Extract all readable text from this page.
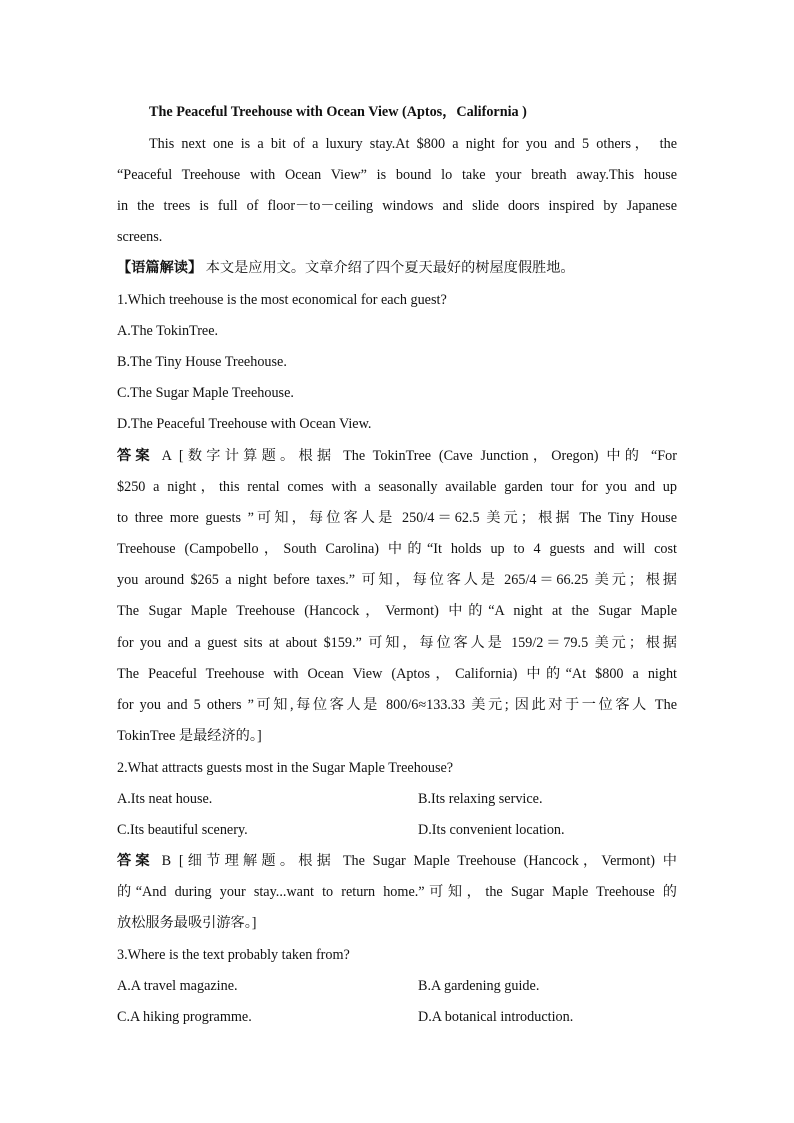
The Peaceful Treehouse with Ocean View (Aptos，California )
This next one is a bit of a luxury stay.At $800 a night for you and 5 others， the
“Peaceful Treehouse with Ocean View” is bound lo take your breath away.This house
in the trees is full of floor－to－ceiling windows and slide doors inspired by Japanese
screens.
【语篇解读】 本文是应用文。文章介绍了四个夏天最好的树屋度假胜地。
1.Which treehouse is the most economical for each guest?
A.The TokinTree.
B.The Tiny House Treehouse.
C.The Sugar Maple Treehouse.
D.The Peaceful Treehouse with Ocean View.
答案 A [数字计算题。根据 The TokinTree (Cave Junction，Oregon) 中的 “For
$250 a night，this rental comes with a seasonally available garden tour for you and up
to three more guests ”可知，每位客人是 250/4＝62.5 美元；根据 The Tiny House
Treehouse (Campobello，South Carolina) 中的“It holds up to 4 guests and will cost
you around $265 a night before taxes.” 可知，每位客人是 265/4＝66.25 美元；根据
The Sugar Maple Treehouse (Hancock，Vermont) 中的“A night at the Sugar Maple
for you and a guest sits at about $159.” 可知，每位客人是 159/2＝79.5 美元；根据
The Peaceful Treehouse with Ocean View (Aptos，California) 中的“At $800 a night
for you and 5 others ”可知,每位客人是 800/6≈133.33 美元; 因此对于一位客人 The
TokinTree 是最经济的。]
2.What attracts guests most in the Sugar Maple Treehouse?
A.Its neat house.	B.Its relaxing service.
C.Its beautiful scenery.	D.Its convenient location.
答案 B [细节理解题。根据 The Sugar Maple Treehouse (Hancock，Vermont) 中
的“And during your stay...want to return home.”可知，the Sugar Maple Treehouse 的
放松服务最吸引游客。]
3.Where is the text probably taken from?
A.A travel magazine.	B.A gardening guide.
C.A hiking programme.	D.A botanical introduction.
